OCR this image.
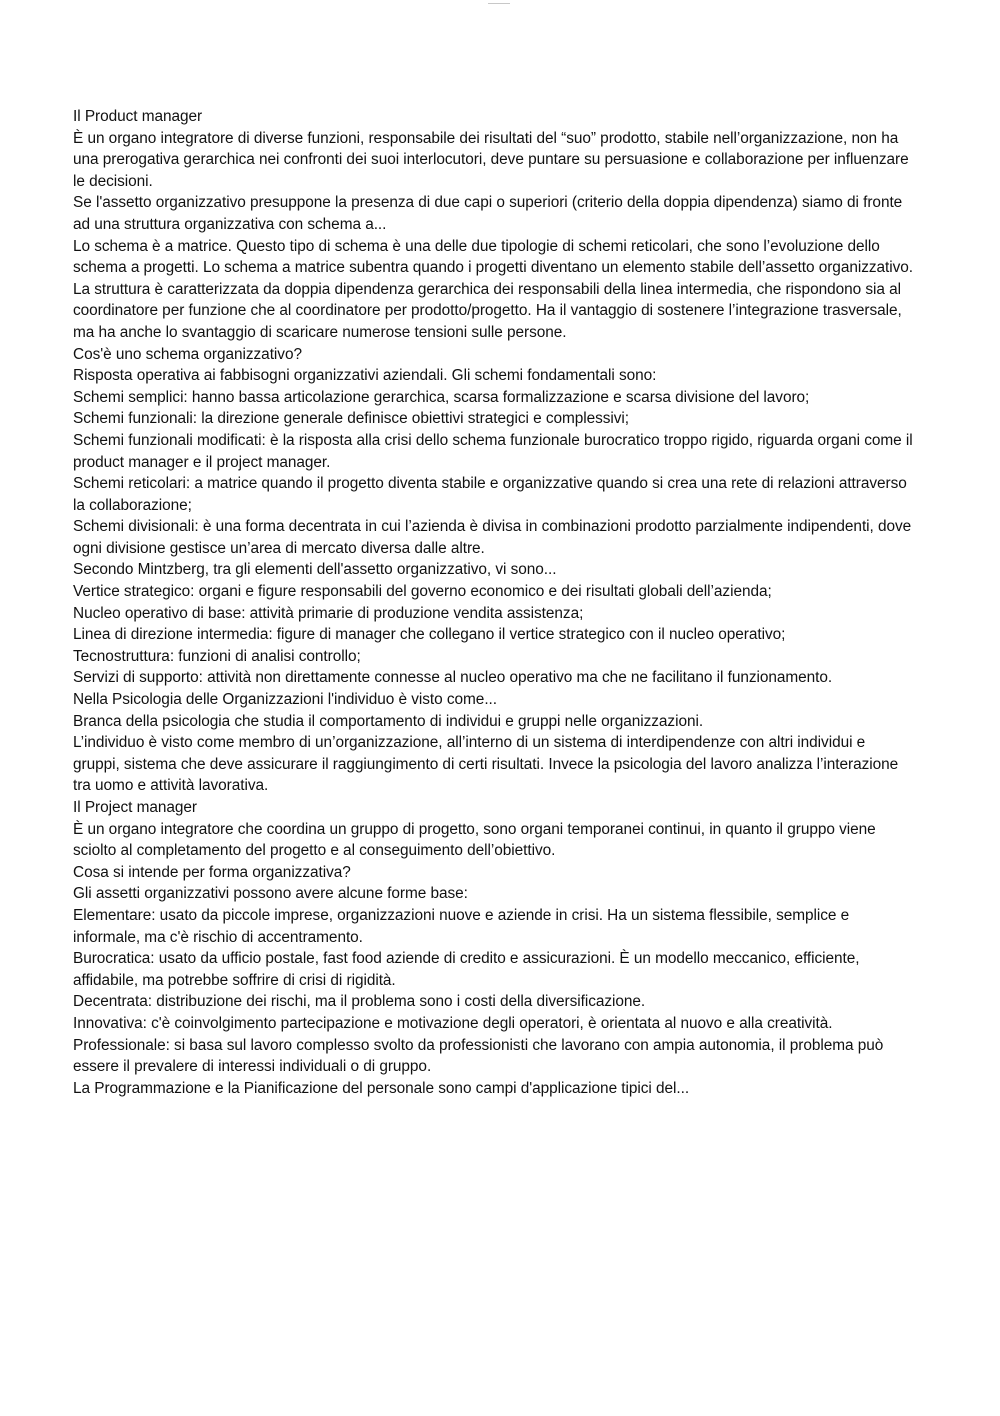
Il Product manager

È un organo integratore di diverse funzioni, responsabile dei risultati del “suo” prodotto, stabile nell’organizzazione, non ha una prerogativa gerarchica nei confronti dei suoi interlocutori, deve puntare su persuasione e collaborazione per influenzare le decisioni.

Se l'assetto organizzativo presuppone la presenza di due capi o superiori (criterio della doppia dipendenza) siamo di fronte ad una struttura organizzativa con schema a...

Lo schema è a matrice. Questo tipo di schema è una delle due tipologie di schemi reticolari, che sono l’evoluzione dello schema a progetti. Lo schema a matrice subentra quando i progetti diventano un elemento stabile dell’assetto organizzativo.

La struttura è caratterizzata da doppia dipendenza gerarchica dei responsabili della linea intermedia, che rispondono sia al coordinatore per funzione che al coordinatore per prodotto/progetto. Ha il vantaggio di sostenere l’integrazione trasversale, ma ha anche lo svantaggio di scaricare numerose tensioni sulle persone.

Cos'è uno schema organizzativo?

Risposta operativa ai fabbisogni organizzativi aziendali. Gli schemi fondamentali sono:

Schemi semplici: hanno bassa articolazione gerarchica, scarsa formalizzazione e scarsa divisione del lavoro;

Schemi funzionali: la direzione generale definisce obiettivi strategici e complessivi;

Schemi funzionali modificati: è la risposta alla crisi dello schema funzionale burocratico troppo rigido, riguarda organi come il product manager e il project manager.

Schemi reticolari: a matrice quando il progetto diventa stabile e organizzative quando si crea una rete di relazioni attraverso la collaborazione;

Schemi divisionali: è una forma decentrata in cui l’azienda è divisa in combinazioni prodotto parzialmente indipendenti, dove ogni divisione gestisce un’area di mercato diversa dalle altre.

Secondo Mintzberg, tra gli elementi dell'assetto organizzativo, vi sono...

Vertice strategico: organi e figure responsabili del governo economico e dei risultati globali dell’azienda;

Nucleo operativo di base: attività primarie di produzione vendita assistenza;

Linea di direzione intermedia: figure di manager che collegano il vertice strategico con il nucleo operativo;

Tecnostruttura: funzioni di analisi controllo;

Servizi di supporto: attività non direttamente connesse al nucleo operativo ma che ne facilitano il funzionamento.

Nella Psicologia delle Organizzazioni l'individuo è visto come...

Branca della psicologia che studia il comportamento di individui e gruppi nelle organizzazioni.

L’individuo è visto come membro di un’organizzazione, all’interno di un sistema di interdipendenze con altri individui e gruppi, sistema che deve assicurare il raggiungimento di certi risultati. Invece la psicologia del lavoro analizza l’interazione tra uomo e attività lavorativa.

Il Project manager

È un organo integratore che coordina un gruppo di progetto, sono organi temporanei continui, in quanto il gruppo viene sciolto al completamento del progetto e al conseguimento dell’obiettivo.

Cosa si intende per forma organizzativa?

Gli assetti organizzativi possono avere alcune forme base:

Elementare: usato da piccole imprese, organizzazioni nuove e aziende in crisi. Ha un sistema flessibile, semplice e informale, ma c'è rischio di accentramento.

Burocratica: usato da ufficio postale, fast food aziende di credito e assicurazioni. È un modello meccanico, efficiente, affidabile, ma potrebbe soffrire di crisi di rigidità.

Decentrata: distribuzione dei rischi, ma il problema sono i costi della diversificazione.

Innovativa: c'è coinvolgimento partecipazione e motivazione degli operatori, è orientata al nuovo e alla creatività.

Professionale: si basa sul lavoro complesso svolto da professionisti che lavorano con ampia autonomia, il problema può essere il prevalere di interessi individuali o di gruppo.

La Programmazione e la Pianificazione del personale sono campi d'applicazione tipici del...
